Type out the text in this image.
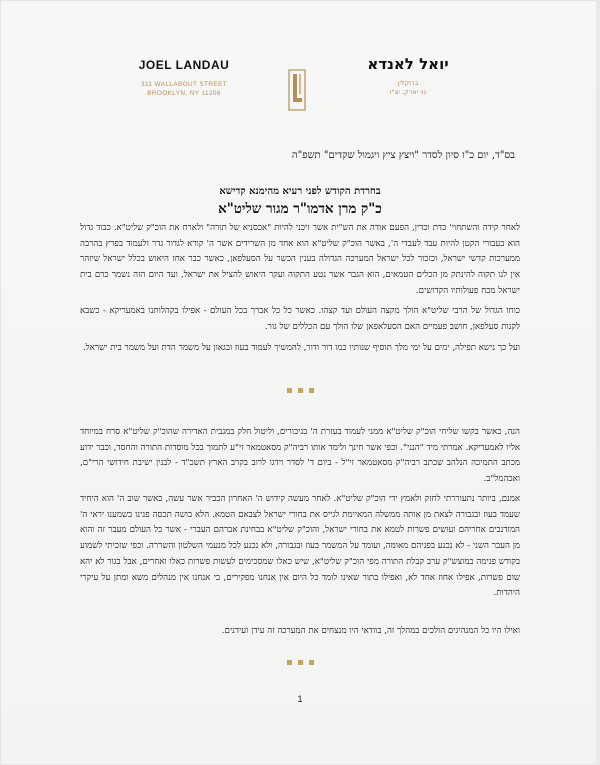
JOEL LANDAU
311 WALLABOUT STREET
BROOKLYN, NY 11206
יואל לאנדא
ברוקלין
נוי יארק, יצ"ו
בס"ד, יום כ"ו סיון לסדר "ויצץ ציץ ויגמול שקדים" תשפ"ה
בחרדת הקודש לפני רעיא מהימנא קדישא
כ"ק מרן אדמו"ר מגור שליט"א

לאחר קידה והשתחוי' כדת וכדין, הפעם אודה את הש"ית אשר זיכני להיות "אכסניא של תורה" ולארח את הוכ"ק שליט"א. כבוד גדול הוא בעבורי הקטן להיות עבד לעבדי ה', באשר הוכ"ק שליט"א הוא אחד מן השרידים אשר ה' קורא לגדור גדר ולעמוד בפרץ בהרבה ממערכות קדשי ישראל, וכזכור לכל ישראל המערכה הגדולה בענין הכשר על הסעלפאן, כאשר כבר אחז היאוש בכלל ישראל שיזהר אין לנו תקוה להינתק מן הכלים הטמאים, הוא הגבר אשר נטע התקוה ועקר היאוש להציל את ישראל, ועד היום הזה נשמר כרם בית ישראל מכח פעולותיו הקדושים.

כוחו הגדול של הרבי שליט"א הולך מקצה העולם ועד קצהו. כאשר כל כל אברך בכל העולם - אפילו בקהלותנו באמעריקא - כשבא לקנות סעלפאן, חושב פעמיים האם הסעלאפאן שלו הולך עם הכללים של גור.

ועל כך נישא תפילה, ימים על ימי מלך תוסיף שנותיו כמו דור ודור, להמשיך לעמוד בעוז ובגאון על משמר הדת ועל משמר בית ישראל.

הנה, כאשר בקשו שליחי הוכ"ק שליט"א ממני לעמוד בעזרת ה' בגיבורים, וליטול חלק במגבית האדירה שהוכ"ק שליט"א סרח במיוחד אליו לאמעריקא. אמרתי מיד "הנני". וכפי אשר חינך ולימד אותו רביה"ק מסאטמאר זי"ע לתמוך בכל מוסדות התורה והחסד, וכבר ידוע מכתב התמיכה הנלהב שכתב רביה"ק מסאטמאר זי"ל - ביום ד' לסדר וידגו לרוב בקרב הארץ תשכ"ד - לבנין ישיבת חידושי הרי"ם, ואכהמל"ב.

אמנם, ביותר נתעוררתי לחזק ולאמץ ידי הוכ"ק שליט"א. לאחר מעשה קידוש ה' האחרון הכביר אשר עשה, כאשר שוב ה' הוא היחיד שעמד בעוז ובגבורה לצאת מן אותה ממשלה המאיימת לגייס את בחורי ישראל לצבאם הטמא. הלא בושה תכסה פנינו בשמענו יראי ה' המזדנבים אחריהם ועושים פשרות לטמא את בחורי ישראל, והוכ"ק שליט"א בבחינת אברהם העברי - אשר כל העולם מעבר זה והוא מן העבר השני - לא נכנע בפניהם מאומה, ועומד על המשמר בעוז ובגבורה, ולא נכנע לכל מנעמי השלטון והשררה. וכפי שזכיתי לשמוע בקודש פנימה במוצש"ק ערב קבלת התורה מפי הוכ"ק שליט"א, שיש כאלו שמסכימים לעשות פשרות כאלו ואחרים, אבל בגור לא יהא שום פשרות, אפילו אחוז אחד לא, ואפילו בתור שאינו לומד כל היום אין אנחנו מפקירים, כי אנחנו אין מנהלים משא ומתן על עיקרי היהדות.

ואילו היו כל המנהיגים הולכים במהלך זה, בוודאי היו מנצחים את המערכה זה עידן ועידנים.

1
